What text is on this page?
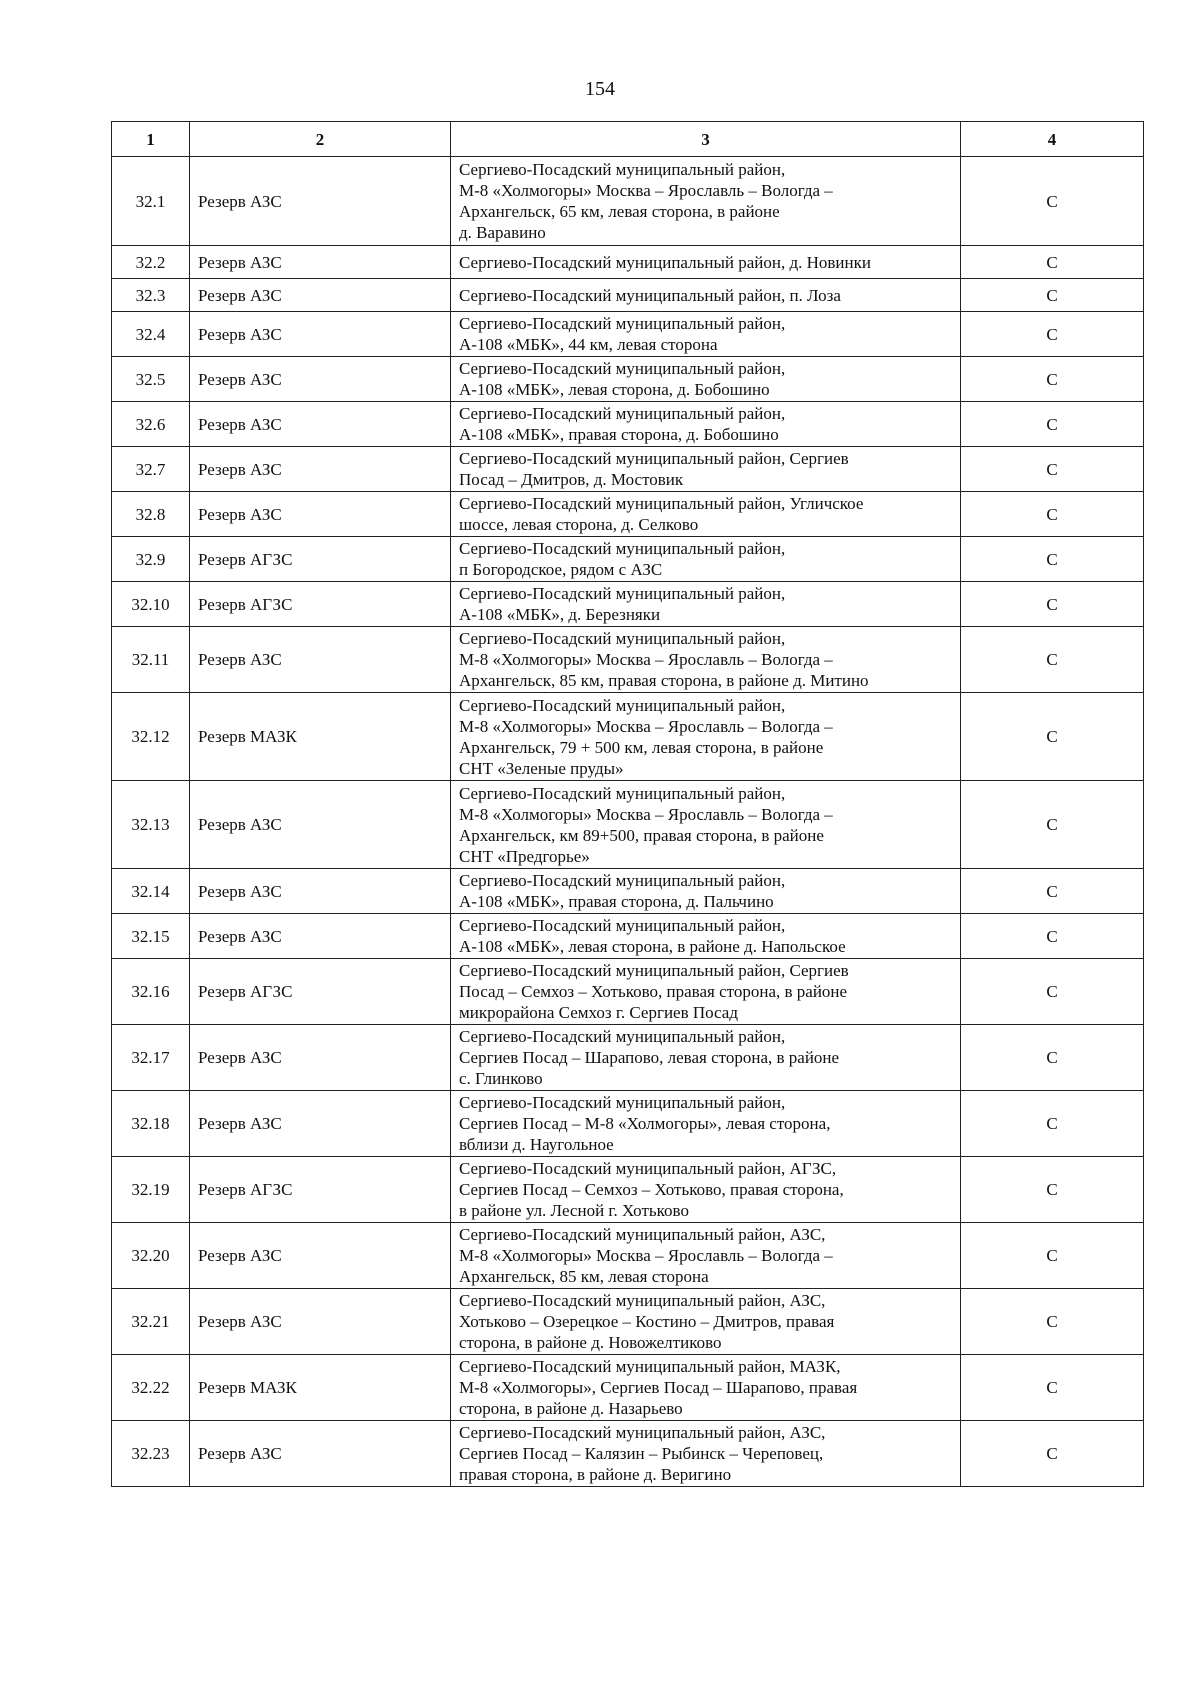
154
1	2	3	4
32.1	Резерв АЗС	Сергиево-Посадский муниципальный район,
М-8 «Холмогоры» Москва – Ярославль – Вологда –
Архангельск, 65 км, левая сторона, в районе
д. Варавино	С
32.2	Резерв АЗС	Сергиево-Посадский муниципальный район, д. Новинки	С
32.3	Резерв АЗС	Сергиево-Посадский муниципальный район, п. Лоза	С
32.4	Резерв АЗС	Сергиево-Посадский муниципальный район,
А-108 «МБК», 44 км, левая сторона	С
32.5	Резерв АЗС	Сергиево-Посадский муниципальный район,
А-108 «МБК», левая сторона, д. Бобошино	С
32.6	Резерв АЗС	Сергиево-Посадский муниципальный район,
А-108 «МБК», правая сторона, д. Бобошино	С
32.7	Резерв АЗС	Сергиево-Посадский муниципальный район, Сергиев
Посад – Дмитров, д. Мостовик	С
32.8	Резерв АЗС	Сергиево-Посадский муниципальный район, Угличское
шоссе, левая сторона, д. Селково	С
32.9	Резерв АГЗС	Сергиево-Посадский муниципальный район,
п Богородское, рядом с АЗС	С
32.10	Резерв АГЗС	Сергиево-Посадский муниципальный район,
А-108 «МБК», д. Березняки	С
32.11	Резерв АЗС	Сергиево-Посадский муниципальный район,
М-8 «Холмогоры» Москва – Ярославль – Вологда –
Архангельск, 85 км, правая сторона, в районе д. Митино	С
32.12	Резерв МАЗК	Сергиево-Посадский муниципальный район,
М-8 «Холмогоры» Москва – Ярославль – Вологда –
Архангельск, 79 + 500 км, левая сторона, в районе
СНТ «Зеленые пруды»	С
32.13	Резерв АЗС	Сергиево-Посадский муниципальный район,
М-8 «Холмогоры» Москва – Ярославль – Вологда –
Архангельск, км 89+500, правая сторона, в районе
СНТ «Предгорье»	С
32.14	Резерв АЗС	Сергиево-Посадский муниципальный район,
А-108 «МБК», правая сторона, д. Пальчино	С
32.15	Резерв АЗС	Сергиево-Посадский муниципальный район,
А-108 «МБК», левая сторона, в районе д. Напольское	С
32.16	Резерв АГЗС	Сергиево-Посадский муниципальный район, Сергиев
Посад – Семхоз – Хотьково, правая сторона, в районе
микрорайона Семхоз г. Сергиев Посад	С
32.17	Резерв АЗС	Сергиево-Посадский муниципальный район,
Сергиев Посад – Шарапово, левая сторона, в районе
с. Глинково	С
32.18	Резерв АЗС	Сергиево-Посадский муниципальный район,
Сергиев Посад – М-8 «Холмогоры», левая сторона,
вблизи д. Наугольное	С
32.19	Резерв АГЗС	Сергиево-Посадский муниципальный район, АГЗС,
Сергиев Посад – Семхоз – Хотьково, правая сторона,
в районе ул. Лесной г. Хотьково	С
32.20	Резерв АЗС	Сергиево-Посадский муниципальный район, АЗС,
М-8 «Холмогоры» Москва – Ярославль – Вологда –
Архангельск, 85 км, левая сторона	С
32.21	Резерв АЗС	Сергиево-Посадский муниципальный район, АЗС,
Хотьково – Озерецкое – Костино – Дмитров, правая
сторона, в районе д. Новожелтиково	С
32.22	Резерв МАЗК	Сергиево-Посадский муниципальный район, МАЗК,
М-8 «Холмогоры», Сергиев Посад – Шарапово, правая
сторона, в районе д. Назарьево	С
32.23	Резерв АЗС	Сергиево-Посадский муниципальный район, АЗС,
Сергиев Посад – Калязин – Рыбинск – Череповец,
правая сторона, в районе д. Веригино	С
